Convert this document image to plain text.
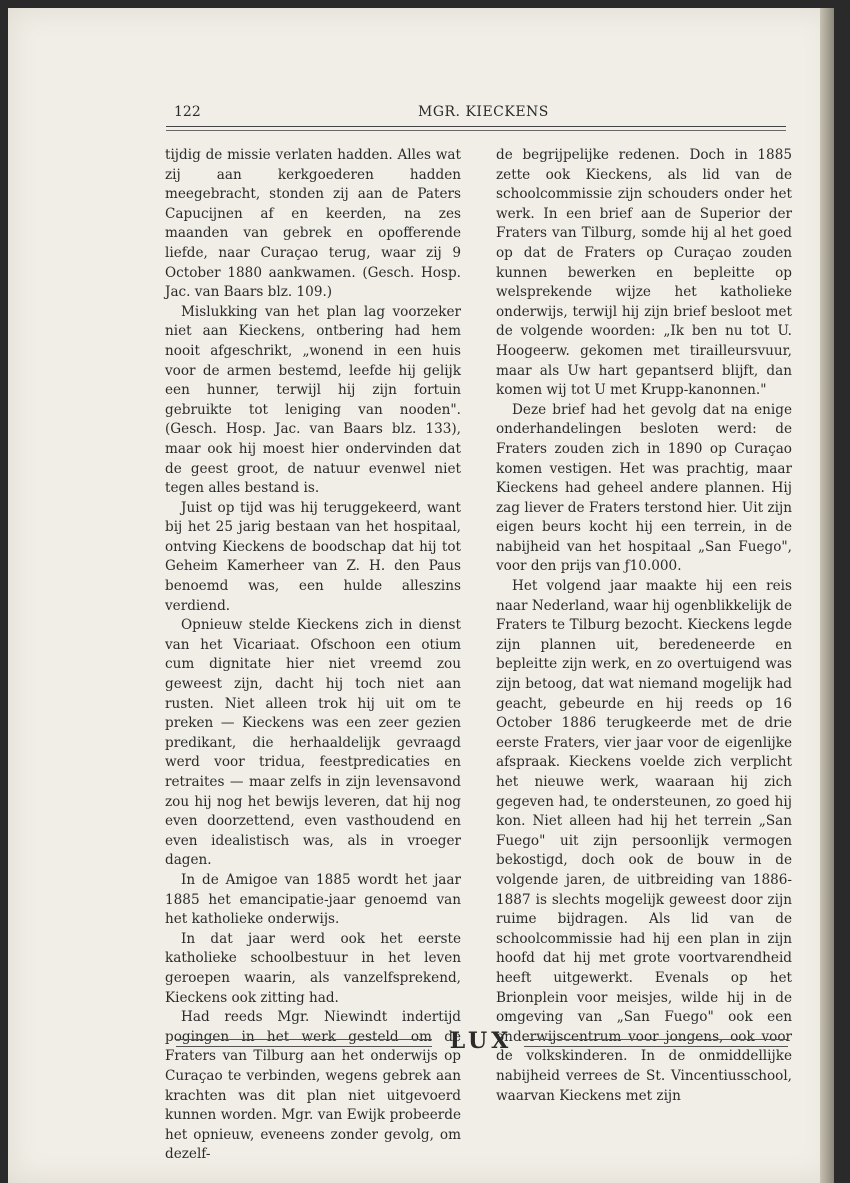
122	MGR. KIECKENS

tijdig de missie verlaten hadden. Alles wat zij aan kerkgoederen hadden meegebracht, stonden zij aan de Paters Capucijnen af en keerden, na zes maanden van gebrek en opofferende liefde, naar Curaçao terug, waar zij 9 October 1880 aankwamen. (Gesch. Hosp. Jac. van Baars blz. 109.)

Mislukking van het plan lag voorzeker niet aan Kieckens, ontbering had hem nooit afgeschrikt, „wonend in een huis voor de armen bestemd, leefde hij gelijk een hunner, terwijl hij zijn fortuin gebruikte tot leniging van nooden". (Gesch. Hosp. Jac. van Baars blz. 133), maar ook hij moest hier ondervinden dat de geest groot, de natuur evenwel niet tegen alles bestand is.

Juist op tijd was hij teruggekeerd, want bij het 25 jarig bestaan van het hospitaal, ontving Kieckens de boodschap dat hij tot Geheim Kamerheer van Z. H. den Paus benoemd was, een hulde alleszins verdiend.

Opnieuw stelde Kieckens zich in dienst van het Vicariaat. Ofschoon een otium cum dignitate hier niet vreemd zou geweest zijn, dacht hij toch niet aan rusten. Niet alleen trok hij uit om te preken — Kieckens was een zeer gezien predikant, die herhaaldelijk gevraagd werd voor tridua, feestpredicaties en retraites — maar zelfs in zijn levensavond zou hij nog het bewijs leveren, dat hij nog even doorzettend, even vasthoudend en even idealistisch was, als in vroeger dagen.

In de Amigoe van 1885 wordt het jaar 1885 het emancipatie-jaar genoemd van het katholieke onderwijs.

In dat jaar werd ook het eerste katholieke schoolbestuur in het leven geroepen waarin, als vanzelfsprekend, Kieckens ook zitting had.

Had reeds Mgr. Niewindt indertijd pogingen in het werk gesteld om de Fraters van Tilburg aan het onderwijs op Curaçao te verbinden, wegens gebrek aan krachten was dit plan niet uitgevoerd kunnen worden. Mgr. van Ewijk probeerde het opnieuw, eveneens zonder gevolg, om dezelf-

de begrijpelijke redenen. Doch in 1885 zette ook Kieckens, als lid van de schoolcommissie zijn schouders onder het werk. In een brief aan de Superior der Fraters van Tilburg, somde hij al het goed op dat de Fraters op Curaçao zouden kunnen bewerken en bepleitte op welsprekende wijze het katholieke onderwijs, terwijl hij zijn brief besloot met de volgende woorden: „Ik ben nu tot U. Hoogeerw. gekomen met tirailleursvuur, maar als Uw hart gepantserd blijft, dan komen wij tot U met Krupp-kanonnen."

Deze brief had het gevolg dat na enige onderhandelingen besloten werd: de Fraters zouden zich in 1890 op Curaçao komen vestigen. Het was prachtig, maar Kieckens had geheel andere plannen. Hij zag liever de Fraters terstond hier. Uit zijn eigen beurs kocht hij een terrein, in de nabijheid van het hospitaal „San Fuego", voor den prijs van ƒ10.000.

Het volgend jaar maakte hij een reis naar Nederland, waar hij ogenblikkelijk de Fraters te Tilburg bezocht. Kieckens legde zijn plannen uit, beredeneerde en bepleitte zijn werk, en zo overtuigend was zijn betoog, dat wat niemand mogelijk had geacht, gebeurde en hij reeds op 16 October 1886 terugkeerde met de drie eerste Fraters, vier jaar voor de eigenlijke afspraak. Kieckens voelde zich verplicht het nieuwe werk, waaraan hij zich gegeven had, te ondersteunen, zo goed hij kon. Niet alleen had hij het terrein „San Fuego" uit zijn persoonlijk vermogen bekostigd, doch ook de bouw in de volgende jaren, de uitbreiding van 1886-1887 is slechts mogelijk geweest door zijn ruime bijdragen. Als lid van de schoolcommissie had hij een plan in zijn hoofd dat hij met grote voortvarendheid heeft uitgewerkt. Evenals op het Brionplein voor meisjes, wilde hij in de omgeving van „San Fuego" ook een onderwijscentrum voor jongens, ook voor de volkskinderen. In de onmiddellijke nabijheid verrees de St. Vincentiusschool, waarvan Kieckens met zijn

LUX
